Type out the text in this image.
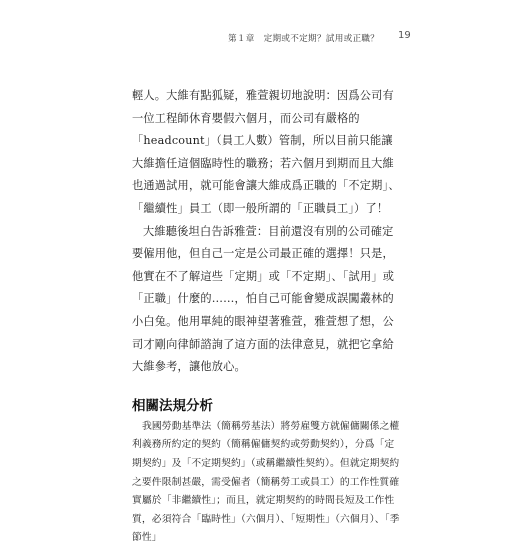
第１章　定期或不定期？試用或正職？ 19

輕人。大維有點狐疑，雅萱親切地說明：因爲公司有一位工程師休育嬰假六個月，而公司有嚴格的「headcount」（員工人數）管制，所以目前只能讓大維擔任這個臨時性的職務；若六個月到期而且大維也通過試用，就可能會讓大維成爲正職的「不定期」、「繼續性」員工（即一般所謂的「正職員工」）了！

大維聽後坦白告訴雅萱：目前還沒有別的公司確定要僱用他，但自己一定是公司最正確的選擇！只是，他實在不了解這些「定期」或「不定期」、「試用」或「正職」什麼的……，怕自己可能會變成誤闖叢林的小白兔。他用單純的眼神望著雅萱，雅萱想了想，公司才剛向律師諮詢了這方面的法律意見，就把它拿給大維參考，讓他放心。

相關法規分析

我國勞動基準法（簡稱勞基法）將勞雇雙方就僱傭關係之權利義務所約定的契約（簡稱僱傭契約或勞動契約），分爲「定期契約」及「不定期契約」（或稱繼續性契約）。但就定期契約之要件限制甚嚴，需受僱者（簡稱勞工或員工）的工作性質確實屬於「非繼續性」；而且，就定期契約的時間長短及工作性質，必須符合「臨時性」（六個月）、「短期性」（六個月）、「季節性」
